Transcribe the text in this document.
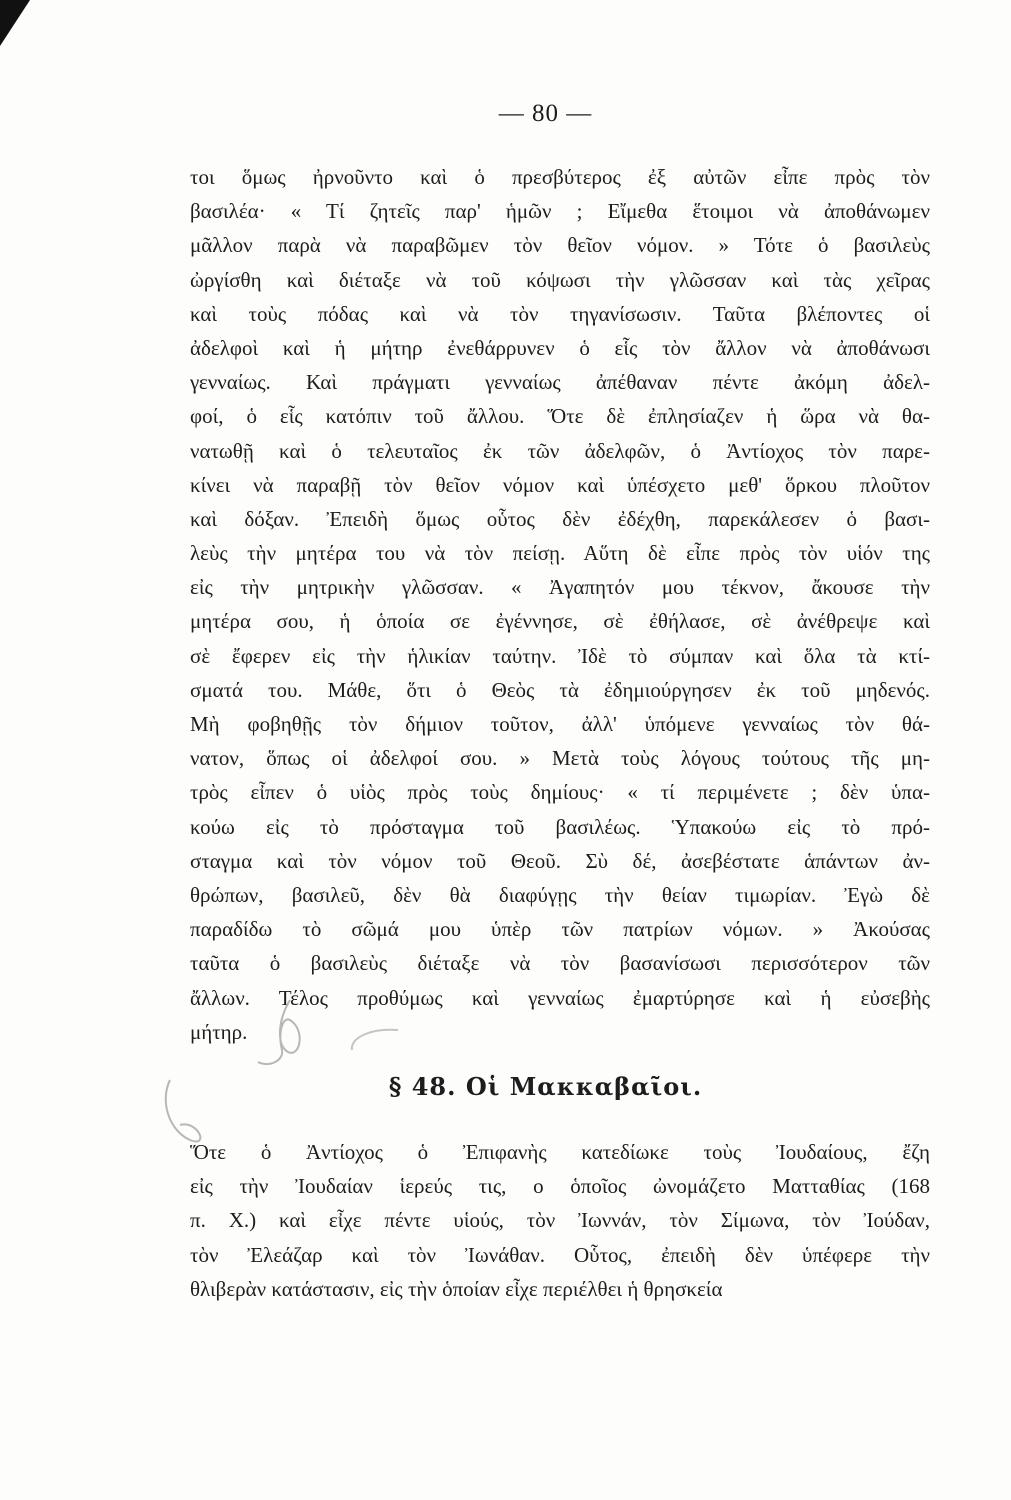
— 80 —
τοι ὅμως ἠρνοῦντο καὶ ὁ πρεσβύτερος ἐξ αὐτῶν εἶπε πρὸς τὸν
βασιλέα· « Τί ζητεῖς παρ' ἡμῶν ; Εἴμεθα ἕτοιμοι νὰ ἀποθάνωμεν
μᾶλλον παρὰ νὰ παραβῶμεν τὸν θεῖον νόμον. » Τότε ὁ βασιλεὺς
ὠργίσθη καὶ διέταξε νὰ τοῦ κόψωσι τὴν γλῶσσαν καὶ τὰς χεῖρας
καὶ τοὺς πόδας καὶ νὰ τὸν τηγανίσωσιν. Ταῦτα βλέποντες οἱ
ἀδελφοὶ καὶ ἡ μήτηρ ἐνεθάρρυνεν ὁ εἷς τὸν ἄλλον νὰ ἀποθάνωσι
γενναίως. Καὶ πράγματι γενναίως ἀπέθαναν πέντε ἀκόμη ἀδελ-
φοί, ὁ εἷς κατόπιν τοῦ ἄλλου. Ὅτε δὲ ἐπλησίαζεν ἡ ὥρα νὰ θα-
νατωθῇ καὶ ὁ τελευταῖος ἐκ τῶν ἀδελφῶν, ὁ Ἀντίοχος τὸν παρε-
κίνει νὰ παραβῇ τὸν θεῖον νόμον καὶ ὑπέσχετο μεθ' ὅρκου πλοῦτον
καὶ δόξαν. Ἐπειδὴ ὅμως οὗτος δὲν ἐδέχθη, παρεκάλεσεν ὁ βασι-
λεὺς τὴν μητέρα του νὰ τὸν πείσῃ. Αὕτη δὲ εἶπε πρὸς τὸν υἱόν της
εἰς τὴν μητρικὴν γλῶσσαν. « Ἀγαπητόν μου τέκνον, ἄκουσε τὴν
μητέρα σου, ἡ ὁποία σε ἐγέννησε, σὲ ἐθήλασε, σὲ ἀνέθρεψε καὶ
σὲ ἔφερεν εἰς τὴν ἡλικίαν ταύτην. Ἰδὲ τὸ σύμπαν καὶ ὅλα τὰ κτί-
σματά του. Μάθε, ὅτι ὁ Θεὸς τὰ ἐδημιούργησεν ἐκ τοῦ μηδενός.
Μὴ φοβηθῇς τὸν δήμιον τοῦτον, ἀλλ' ὑπόμενε γενναίως τὸν θά-
νατον, ὅπως οἱ ἀδελφοί σου. » Μετὰ τοὺς λόγους τούτους τῆς μη-
τρὸς εἶπεν ὁ υἱὸς πρὸς τοὺς δημίους· « τί περιμένετε ; δὲν ὑπα-
κούω εἰς τὸ πρόσταγμα τοῦ βασιλέως. Ὑπακούω εἰς τὸ πρό-
σταγμα καὶ τὸν νόμον τοῦ Θεοῦ. Σὺ δέ, ἀσεβέστατε ἁπάντων ἀν-
θρώπων, βασιλεῦ, δὲν θὰ διαφύγῃς τὴν θείαν τιμωρίαν. Ἐγὼ δὲ
παραδίδω τὸ σῶμά μου ὑπὲρ τῶν πατρίων νόμων. » Ἀκούσας
ταῦτα ὁ βασιλεὺς διέταξε νὰ τὸν βασανίσωσι περισσότερον τῶν
ἄλλων. Τέλος προθύμως καὶ γενναίως ἐμαρτύρησε καὶ ἡ εὐσεβὴς
μήτηρ.
§ 48. Οἱ Μακκαβαῖοι.
Ὅτε ὁ Ἀντίοχος ὁ Ἐπιφανὴς κατεδίωκε τοὺς Ἰουδαίους, ἔζη
εἰς τὴν Ἰουδαίαν ἱερεύς τις, ο ὁποῖος ὠνομάζετο Ματταθίας (168
π. Χ.) καὶ εἶχε πέντε υἱούς, τὸν Ἰωννάν, τὸν Σίμωνα, τὸν Ἰούδαν,
τὸν Ἐλεάζαρ καὶ τὸν Ἰωνάθαν. Οὗτος, ἐπειδὴ δὲν ὑπέφερε τὴν
θλιβερὰν κατάστασιν, εἰς τὴν ὁποίαν εἶχε περιέλθει ἡ θρησκεία
